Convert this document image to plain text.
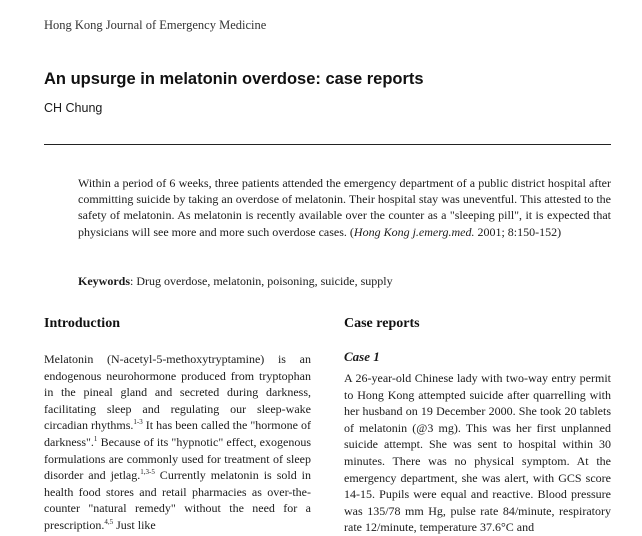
Hong Kong Journal of Emergency Medicine
An upsurge in melatonin overdose: case reports
CH Chung

Within a period of 6 weeks, three patients attended the emergency department of a public district hospital after committing suicide by taking an overdose of melatonin. Their hospital stay was uneventful. This attested to the safety of melatonin. As melatonin is recently available over the counter as a "sleeping pill", it is expected that physicians will see more and more such overdose cases. (Hong Kong j.emerg.med. 2001; 8:150-152)

Keywords: Drug overdose, melatonin, poisoning, suicide, supply

Introduction	Case reports

Melatonin (N-acetyl-5-methoxytryptamine) is an endogenous neurohormone produced from tryptophan in the pineal gland and secreted during darkness, facilitating sleep and regulating our sleep-wake circadian rhythms.$^{1-3}$ It has been called the "hormone of darkness".$^1$ Because of its "hypnotic" effect, exogenous formulations are commonly used for treatment of sleep disorder and jetlag.$^{1,3-5}$ Currently melatonin is sold in health food stores and retail pharmacies as over-the-counter "natural remedy" without the need for a prescription.$^{4,5}$ Just like

Case 1

A 26-year-old Chinese lady with two-way entry permit to Hong Kong attempted suicide after quarrelling with her husband on 19 December 2000. She took 20 tablets of melatonin (@3 mg). This was her first unplanned suicide attempt. She was sent to hospital within 30 minutes. There was no physical symptom. At the emergency department, she was alert, with GCS score 14-15. Pupils were equal and reactive. Blood pressure was 135/78 mm Hg, pulse rate 84/minute, respiratory rate 12/minute, temperature 37.6°C and
